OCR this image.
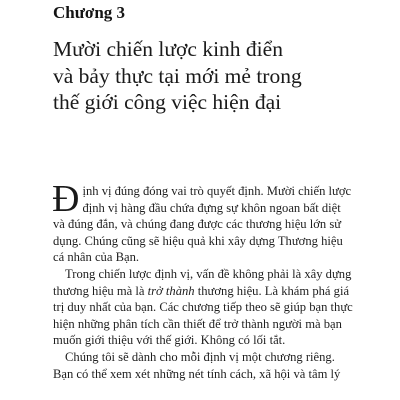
Chương 3
Mười chiến lược kinh điển
và bảy thực tại mới mẻ trong
thế giới công việc hiện đại
Đ ịnh vị đúng đóng vai trò quyết định. Mười chiến lược
định vị hàng đầu chứa đựng sự khôn ngoan bất diệt
và đúng đắn, và chúng đang được các thương hiệu lớn sử
dụng. Chúng cũng sẽ hiệu quả khi xây dựng Thương hiệu
cá nhân của Bạn.
Trong chiến lược định vị, vấn đề không phải là xây dựng
thương hiệu mà là trở thành thương hiệu. Là khám phá giá
trị duy nhất của bạn. Các chương tiếp theo sẽ giúp bạn thực
hiện những phân tích cần thiết để trở thành người mà bạn
muốn giới thiệu với thế giới. Không có lối tắt.
Chúng tôi sẽ dành cho mỗi định vị một chương riêng.
Bạn có thể xem xét những nét tính cách, xã hội và tâm lý
